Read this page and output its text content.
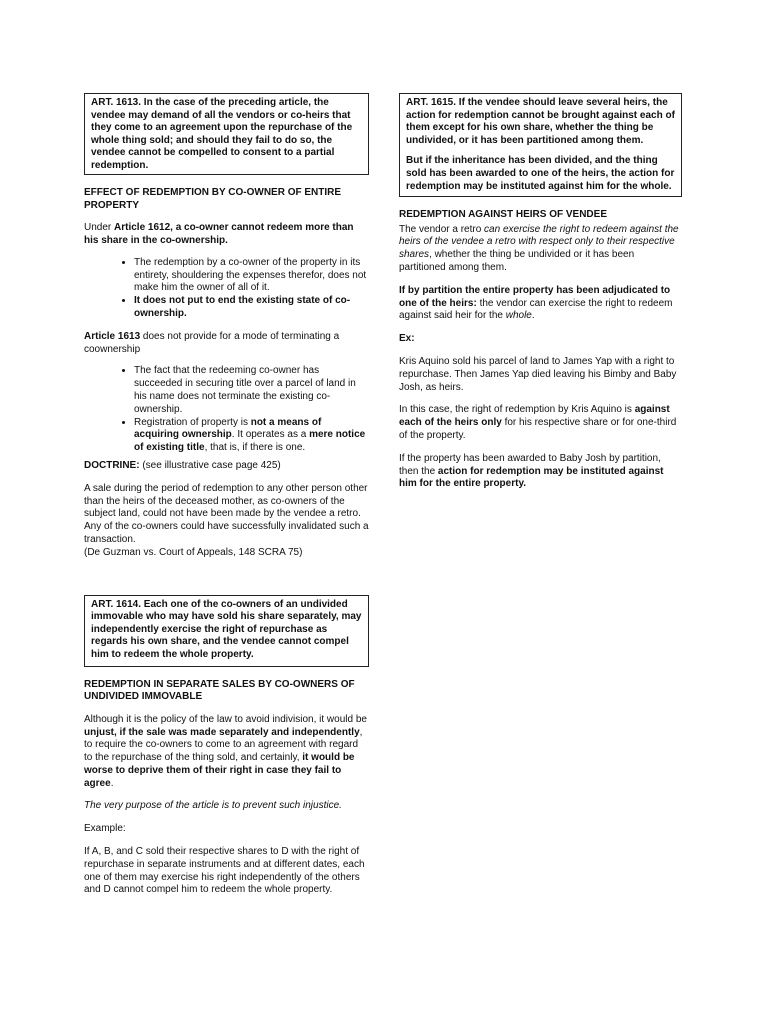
ART. 1613. In the case of the preceding article, the vendee may demand of all the vendors or co-heirs that they come to an agreement upon the repurchase of the whole thing sold; and should they fail to do so, the vendee cannot be compelled to consent to a partial redemption.
EFFECT OF REDEMPTION BY CO-OWNER OF ENTIRE PROPERTY

Under Article 1612, a co-owner cannot redeem more than his share in the co-ownership.

• The redemption by a co-owner of the property in its entirety, shouldering the expenses therefor, does not make him the owner of all of it.
• It does not put to end the existing state of co-ownership.

Article 1613 does not provide for a mode of terminating a coownership

• The fact that the redeeming co-owner has succeeded in securing title over a parcel of land in his name does not terminate the existing co-ownership.
• Registration of property is not a means of acquiring ownership. It operates as a mere notice of existing title, that is, if there is one.

DOCTRINE: (see illustrative case page 425)

A sale during the period of redemption to any other person other than the heirs of the deceased mother, as co-owners of the subject land, could not have been made by the vendee a retro. Any of the co-owners could have successfully invalidated such a transaction.
(De Guzman vs. Court of Appeals, 148 SCRA 75)

ART. 1614. Each one of the co-owners of an undivided immovable who may have sold his share separately, may independently exercise the right of repurchase as regards his own share, and the vendee cannot compel him to redeem the whole property.
REDEMPTION IN SEPARATE SALES BY CO-OWNERS OF UNDIVIDED IMMOVABLE

Although it is the policy of the law to avoid indivision, it would be unjust, if the sale was made separately and independently, to require the co-owners to come to an agreement with regard to the repurchase of the thing sold, and certainly, it would be worse to deprive them of their right in case they fail to agree.

The very purpose of the article is to prevent such injustice.

Example:

If A, B, and C sold their respective shares to D with the right of repurchase in separate instruments and at different dates, each one of them may exercise his right independently of the others and D cannot compel him to redeem the whole property.

ART. 1615. If the vendee should leave several heirs, the action for redemption cannot be brought against each of them except for his own share, whether the thing be undivided, or it has been partitioned among them.

But if the inheritance has been divided, and the thing sold has been awarded to one of the heirs, the action for redemption may be instituted against him for the whole.

REDEMPTION AGAINST HEIRS OF VENDEE

The vendor a retro can exercise the right to redeem against the heirs of the vendee a retro with respect only to their respective shares, whether the thing be undivided or it has been partitioned among them.

If by partition the entire property has been adjudicated to one of the heirs: the vendor can exercise the right to redeem against said heir for the whole.

Ex:

Kris Aquino sold his parcel of land to James Yap with a right to repurchase. Then James Yap died leaving his Bimby and Baby Josh, as heirs.

In this case, the right of redemption by Kris Aquino is against each of the heirs only for his respective share or for one-third of the property.

If the property has been awarded to Baby Josh by partition, then the action for redemption may be instituted against him for the entire property.
